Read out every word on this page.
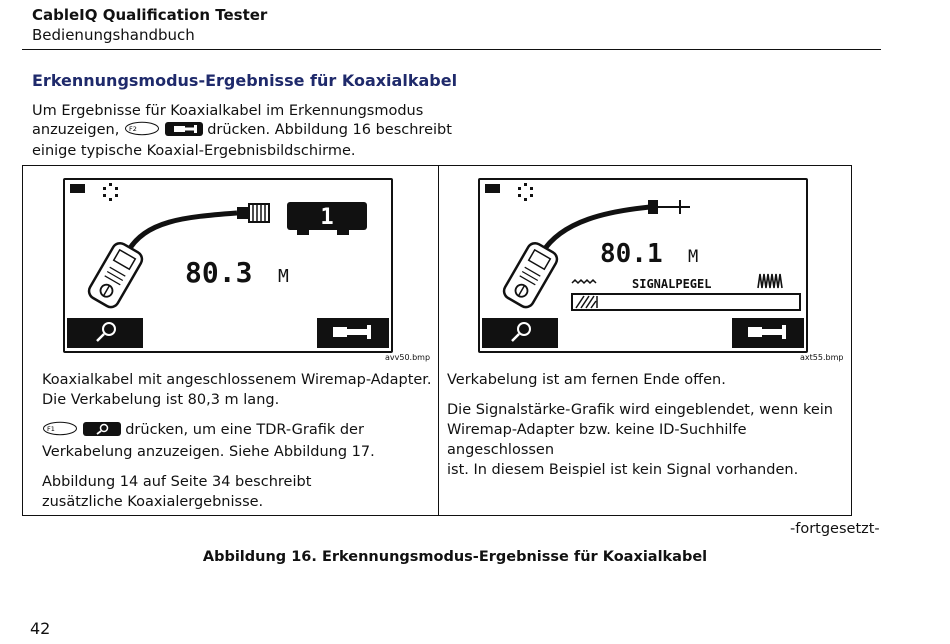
CableIQ Qualification Tester
Bedienungshandbuch
Erkennungsmodus-Ergebnisse für Koaxialkabel
Um Ergebnisse für Koaxialkabel im Erkennungsmodus
anzuzeigen, F2	drücken. Abbildung 16 beschreibt
einige typische Koaxial-Ergebnisbildschirme.
1
80.3 M
avv50.bmp

Koaxialkabel mit angeschlossenem Wiremap-Adapter.
Die Verkabelung ist 80,3 m lang.

F1	drücken, um eine TDR-Grafik der
Verkabelung anzuzeigen. Siehe Abbildung 17.

Abbildung 14 auf Seite 34 beschreibt
zusätzliche Koaxialergebnisse.

80.1 M
SIGNALPEGEL
axt55.bmp

Verkabelung ist am fernen Ende offen.

Die Signalstärke-Grafik wird eingeblendet, wenn kein
Wiremap-Adapter bzw. keine ID-Suchhilfe angeschlossen
ist. In diesem Beispiel ist kein Signal vorhanden.

-fortgesetzt-
Abbildung 16. Erkennungsmodus-Ergebnisse für Koaxialkabel
42
